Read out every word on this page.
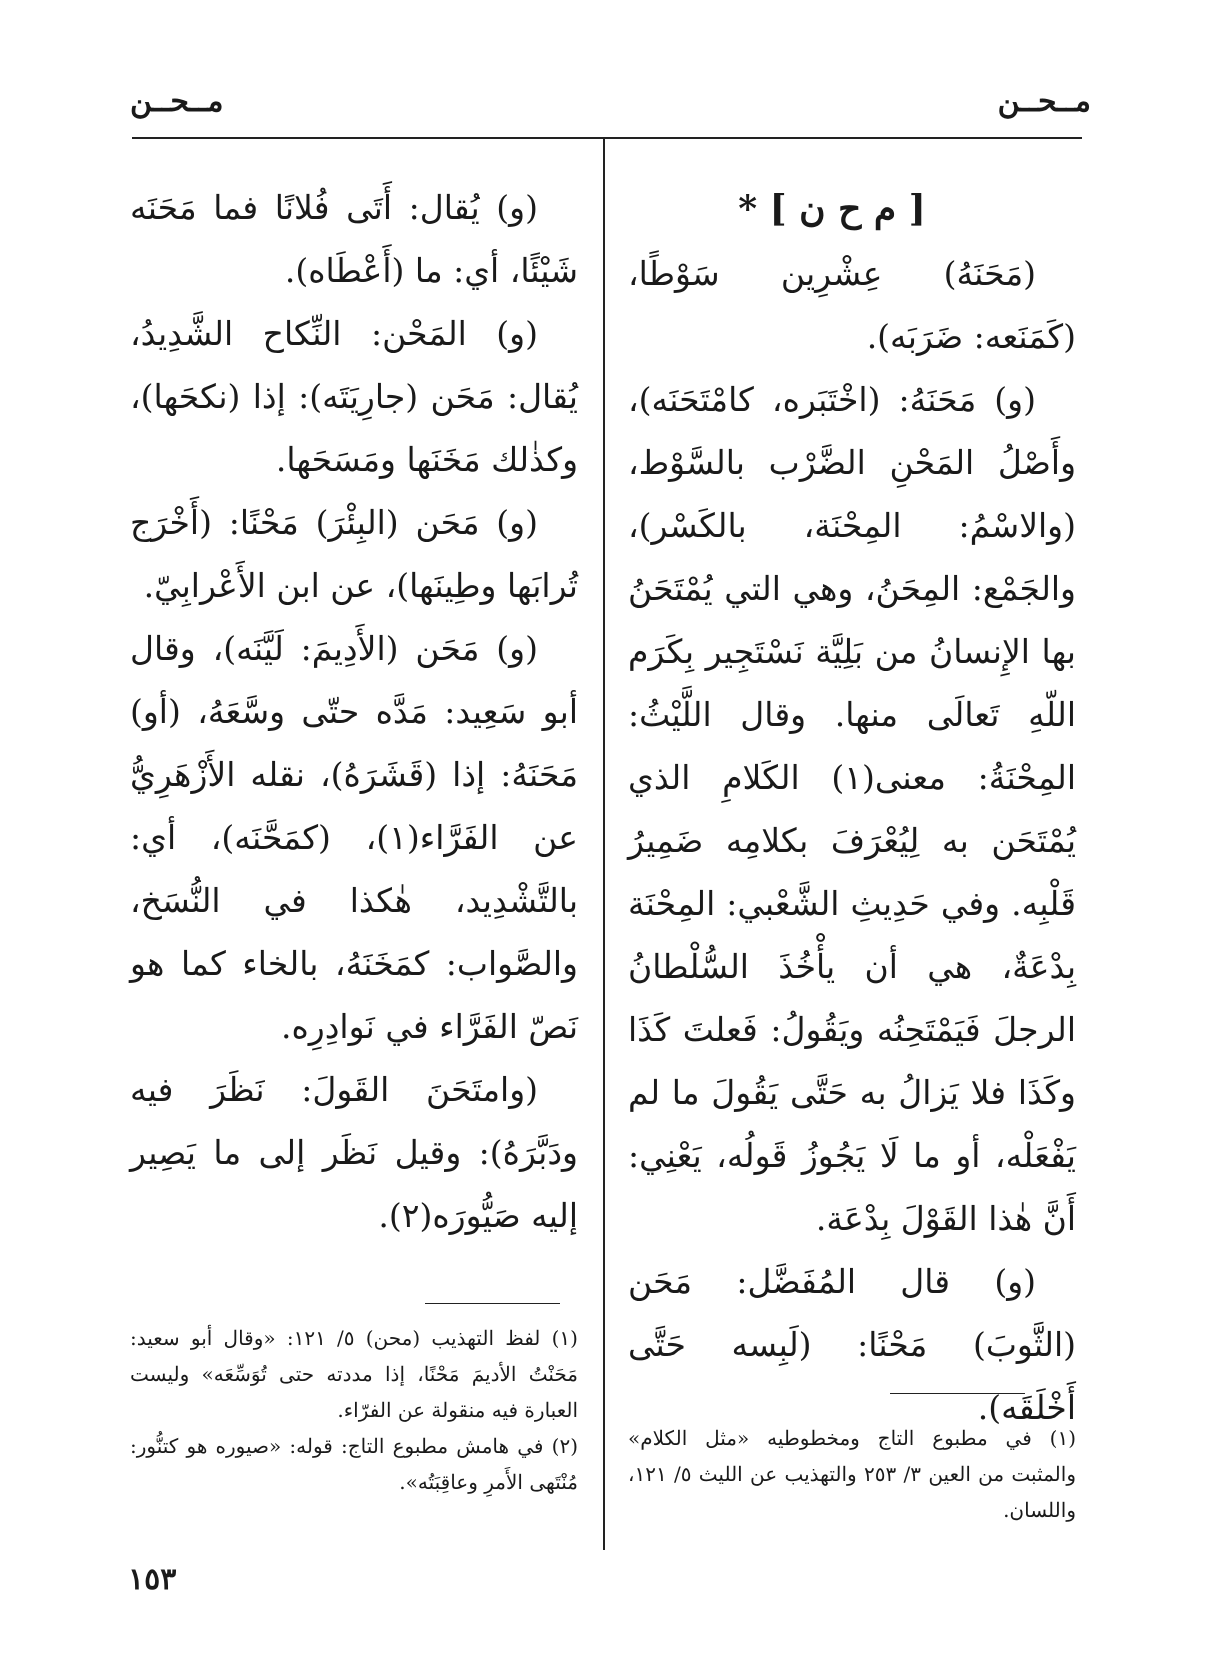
مــحــن
مــحــن

[ م ح ن ] *

(مَحَنَهُ) عِشْرِين سَوْطًا، (كَمَنَعه: ضَرَبَه).

(و) مَحَنَهُ: (اخْتَبَره، كامْتَحَنَه)، وأَصْلُ المَحْنِ الضَّرْب بالسَّوْط، (والاسْمُ: المِحْنَة، بالكَسْر)، والجَمْع: المِحَنُ، وهي التي يُمْتَحَنُ بها الإِنسانُ من بَلِيَّة نَسْتَجِير بِكَرَم اللّهِ تَعالَى منها. وقال اللَّيْثُ: المِحْنَةُ: معنى(١) الكَلامِ الذي يُمْتَحَن به لِيُعْرَفَ بكلامِه ضَمِيرُ قَلْبِه. وفي حَدِيثِ الشَّعْبي: المِحْنَة بِدْعَةٌ، هي أن يأْخُذَ السُّلْطانُ الرجلَ فَيَمْتَحِنُه ويَقُولُ: فَعلتَ كَذَا وكَذَا فلا يَزالُ به حَتَّى يَقُولَ ما لم يَفْعَلْه، أو ما لَا يَجُوزُ قَولُه، يَعْنِي: أَنَّ هٰذا القَوْلَ بِدْعَة.

(و) قال المُفَضَّل: مَحَن (الثَّوبَ) مَحْنًا: (لَبِسه حَتَّى أَخْلَقَه).

(و) يُقال: أَتَى فُلانًا فما مَحَنَه شَيْئًا، أي: ما (أَعْطَاه).

(و) المَحْن: النِّكاح الشَّدِيدُ، يُقال: مَحَن (جارِيَتَه): إذا (نكحَها)، وكذٰلك مَخَنَها ومَسَحَها.

(و) مَحَن (البِئْرَ) مَحْنًا: (أَخْرَج تُرابَها وطِينَها)، عن ابن الأَعْرابِيّ.

(و) مَحَن (الأَدِيمَ: لَيَّنَه)، وقال أبو سَعِيد: مَدَّه حتّى وسَّعَهُ، (أو) مَحَنَهُ: إذا (قَشَرَهُ)، نقله الأَزْهَرِيُّ عن الفَرَّاء(١)، (كمَحَّنَه)، أي: بالتَّشْدِيد، هٰكذا في النُّسَخ، والصَّواب: كمَخَنَهُ، بالخاء كما هو نَصّ الفَرَّاء في نَوادِرِه.

(وامتَحَنَ القَولَ: نَظَرَ فيه ودَبَّرَهُ): وقيل نَظَر إلى ما يَصِير إليه صَيُّورَه(٢).

(١) في مطبوع التاج ومخطوطيه «مثل الكلام» والمثبت من العين ٣/ ٢٥٣ والتهذيب عن الليث ٥/ ١٢١، واللسان.

(١) لفظ التهذيب (محن) ٥/ ١٢١: «وقال أبو سعيد: مَحَنْتُ الأديمَ مَحْنًا، إذا مددته حتى تُوَسِّعَه» وليست العبارة فيه منقولة عن الفرّاء.

(٢) في هامش مطبوع التاج: قوله: «صيوره هو كتنُّور: مُنْتَهى الأَمرِ وعاقِبَتُه».

١٥٣
